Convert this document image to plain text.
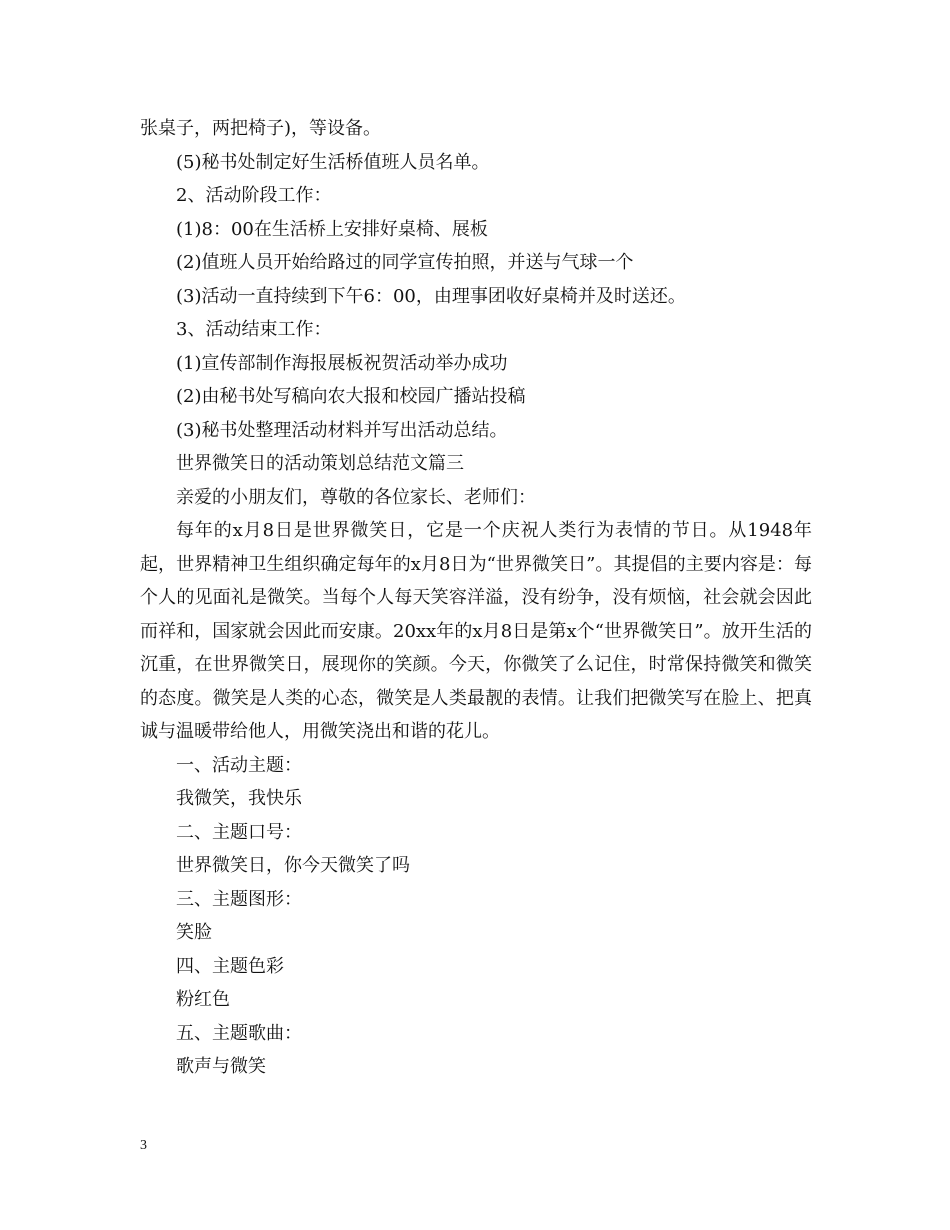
张桌子，两把椅子)，等设备。

(5)秘书处制定好生活桥值班人员名单。

2、活动阶段工作：

(1)8：00在生活桥上安排好桌椅、展板

(2)值班人员开始给路过的同学宣传拍照，并送与气球一个

(3)活动一直持续到下午6：00，由理事团收好桌椅并及时送还。

3、活动结束工作：

(1)宣传部制作海报展板祝贺活动举办成功

(2)由秘书处写稿向农大报和校园广播站投稿

(3)秘书处整理活动材料并写出活动总结。

世界微笑日的活动策划总结范文篇三

亲爱的小朋友们，尊敬的各位家长、老师们：

每年的x月8日是世界微笑日，它是一个庆祝人类行为表情的节日。从1948年起，世界精神卫生组织确定每年的x月8日为“世界微笑日”。其提倡的主要内容是：每个人的见面礼是微笑。当每个人每天笑容洋溢，没有纷争，没有烦恼，社会就会因此而祥和，国家就会因此而安康。20xx年的x月8日是第x个“世界微笑日”。放开生活的沉重，在世界微笑日，展现你的笑颜。今天，你微笑了么记住，时常保持微笑和微笑的态度。微笑是人类的心态，微笑是人类最靓的表情。让我们把微笑写在脸上、把真诚与温暖带给他人，用微笑浇出和谐的花儿。

一、活动主题：

我微笑，我快乐

二、主题口号：

世界微笑日，你今天微笑了吗

三、主题图形：

笑脸

四、主题色彩

粉红色

五、主题歌曲：

歌声与微笑

3
